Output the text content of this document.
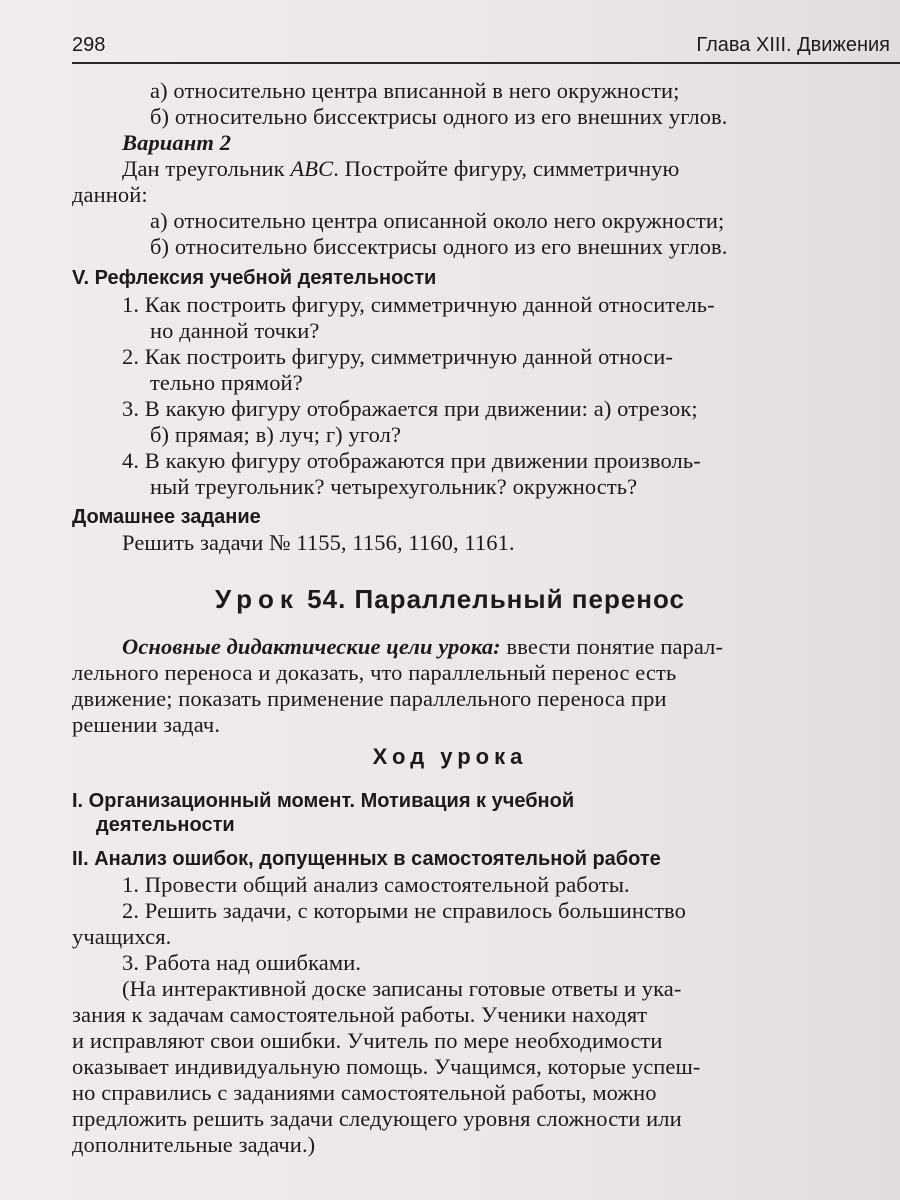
298	Глава XIII. Движения
а) относительно центра вписанной в него окружности;
б) относительно биссектрисы одного из его внешних углов.
Вариант 2
Дан треугольник ABC. Постройте фигуру, симметричную
данной:
а) относительно центра описанной около него окружности;
б) относительно биссектрисы одного из его внешних углов.
V. Рефлексия учебной деятельности
1. Как построить фигуру, симметричную данной относитель-
но данной точки?
2. Как построить фигуру, симметричную данной относи-
тельно прямой?
3. В какую фигуру отображается при движении: а) отрезок;
б) прямая; в) луч; г) угол?
4. В какую фигуру отображаются при движении произволь-
ный треугольник? четырехугольник? окружность?
Домашнее задание
Решить задачи № 1155, 1156, 1160, 1161.
Урок 54. Параллельный перенос
Основные дидактические цели урока: ввести понятие парал-
лельного переноса и доказать, что параллельный перенос есть
движение; показать применение параллельного переноса при
решении задач.
Ход урока
I. Организационный момент. Мотивация к учебной
деятельности
II. Анализ ошибок, допущенных в самостоятельной работе
1. Провести общий анализ самостоятельной работы.
2. Решить задачи, с которыми не справилось большинство
учащихся.
3. Работа над ошибками.
(На интерактивной доске записаны готовые ответы и ука-
зания к задачам самостоятельной работы. Ученики находят
и исправляют свои ошибки. Учитель по мере необходимости
оказывает индивидуальную помощь. Учащимся, которые успеш-
но справились с заданиями самостоятельной работы, можно
предложить решить задачи следующего уровня сложности или
дополнительные задачи.)
